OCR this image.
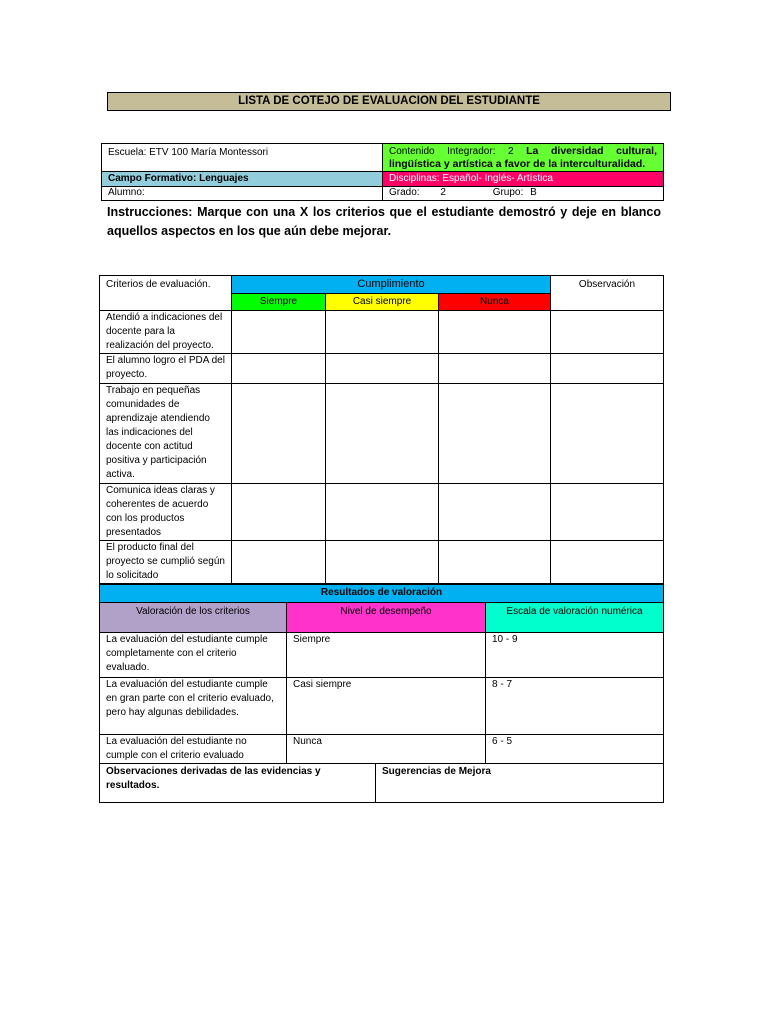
LISTA DE COTEJO DE EVALUACION DEL ESTUDIANTE
Escuela: ETV 100 María Montessori	Contenido Integrador: 2 La diversidad cultural, lingüística y artística a favor de la interculturalidad.
Campo Formativo: Lenguajes	Disciplinas: Español- Inglés- Artística
Alumno:	Grado: 2 Grupo: B
Instrucciones: Marque con una X los criterios que el estudiante demostró y deje en blanco aquellos aspectos en los que aún debe mejorar.
Criterios de evaluación.	Cumplimiento			Observación
	Siempre	Casi siempre	Nunca	
Atendió a indicaciones del docente para la realización del proyecto.				
El alumno logro el PDA del proyecto.				
Trabajo en pequeñas comunidades de aprendizaje atendiendo las indicaciones del docente con actitud positiva y participación activa.				
Comunica ideas claras y coherentes de acuerdo con los productos presentados				
El producto final del proyecto se cumplió según lo solicitado				
Resultados de valoración		
Valoración de los criterios	Nivel de desempeño	Escala de valoración numérica
La evaluación del estudiante cumple completamente con el criterio evaluado.	Siempre	10 - 9
La evaluación del estudiante cumple en gran parte con el criterio evaluado, pero hay algunas debilidades.	Casi siempre	8 - 7
La evaluación del estudiante no cumple con el criterio evaluado	Nunca	6 - 5
Observaciones derivadas de las evidencias y resultados.	Sugerencias de Mejora
